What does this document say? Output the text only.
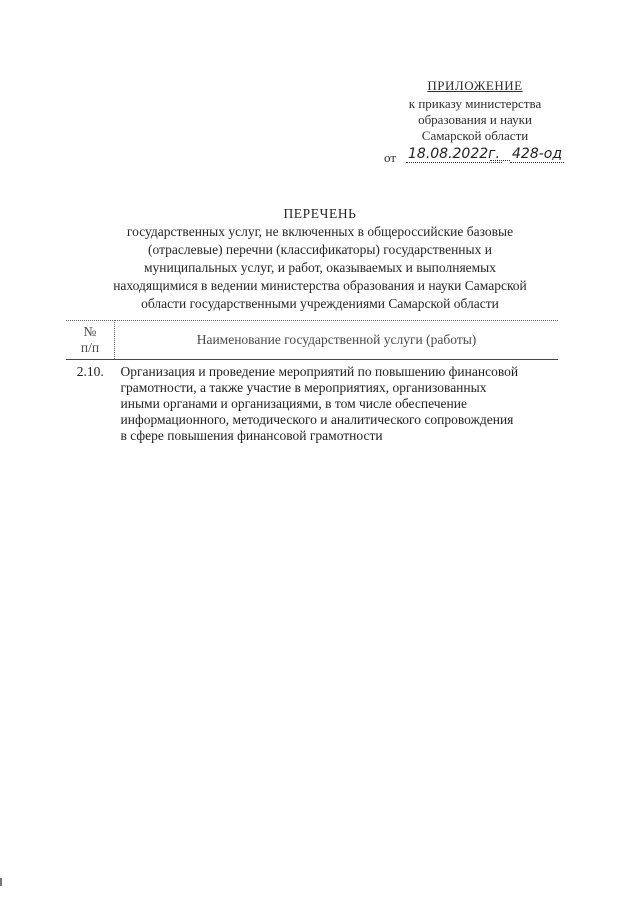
ПРИЛОЖЕНИЕ
к приказу министерства
образования и науки
Самарской области
от 18.08.2022г. 428-од
ПЕРЕЧЕНЬ
государственных услуг, не включенных в общероссийские базовые
(отраслевые) перечни (классификаторы) государственных и
муниципальных услуг, и работ, оказываемых и выполняемых
находящимися в ведении министерства образования и науки Самарской
области государственными учреждениями Самарской области
№
п/п	Наименование государственной услуги (работы)
2.10.	Организация и проведение мероприятий по повышению финансовой
грамотности, а также участие в мероприятиях, организованных
иными органами и организациями, в том числе обеспечение
информационного, методического и аналитического сопровождения
в сфере повышения финансовой грамотности
